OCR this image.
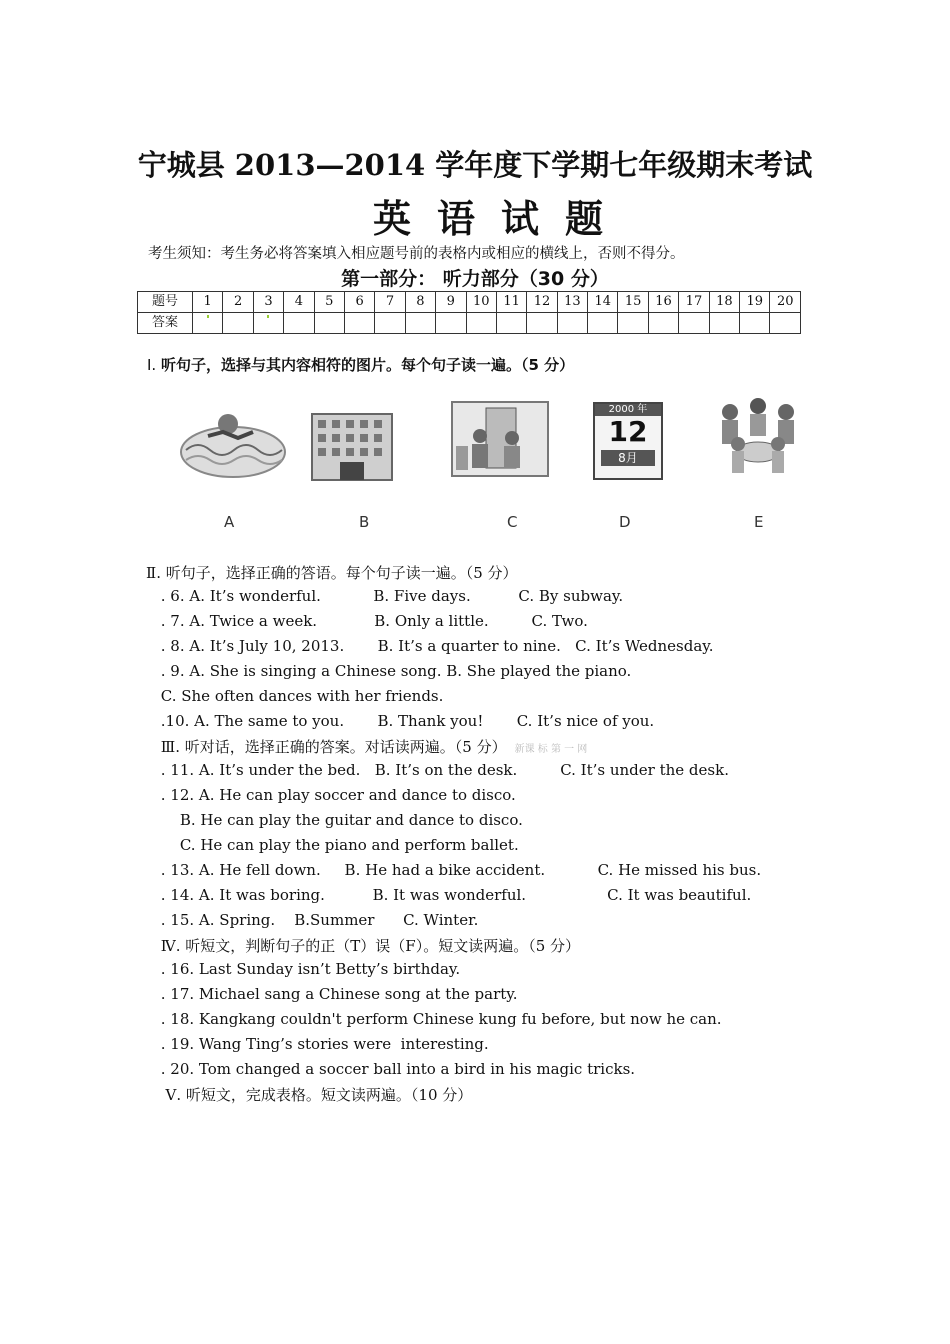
宁城县 2013—2014 学年度下学期七年级期末考试
英语试题
考生须知：考生务必将答案填入相应题号前的表格内或相应的横线上，否则不得分。
第一部分： 听力部分（30 分）
题号	1	2	3	4	5	6	7	8	9	10	11	12	13	14	15	16	17	18	19	20
答案																				
Ⅰ. 听句子，选择与其内容相符的图片。每个句子读一遍。（5 分）
2000 年
12
8月
A	B	C	D	E
Ⅱ. 听句子，选择正确的答语。每个句子读一遍。（5 分）
. 6. A. It’s wonderful.           B. Five days.          C. By subway.
. 7. A. Twice a week.            B. Only a little.         C. Two.
. 8. A. It’s July 10, 2013.       B. It’s a quarter to nine.   C. It’s Wednesday.
. 9. A. She is singing a Chinese song. B. She played the piano.
C. She often dances with her friends.
.10. A. The same to you.       B. Thank you!       C. It’s nice of you.
Ⅲ. 听对话，选择正确的答案。对话读两遍。（5 分） 新课 标 第 一 网
. 11. A. It’s under the bed.   B. It’s on the desk.         C. It’s under the desk.
. 12. A. He can play soccer and dance to disco.
B. He can play the guitar and dance to disco.
C. He can play the piano and perform ballet.
. 13. A. He fell down.     B. He had a bike accident.           C. He missed his bus.
. 14. A. It was boring.          B. It was wonderful.                 C. It was beautiful.
. 15. A. Spring.    B.Summer      C. Winter.
Ⅳ. 听短文，判断句子的正（T）误（F）。短文读两遍。（5 分）
. 16. Last Sunday isn’t Betty’s birthday.
. 17. Michael sang a Chinese song at the party.
. 18. Kangkang couldn't perform Chinese kung fu before, but now he can.
. 19. Wang Ting’s stories were  interesting.
. 20. Tom changed a soccer ball into a bird in his magic tricks.
Ⅴ. 听短文，完成表格。短文读两遍。（10 分）
